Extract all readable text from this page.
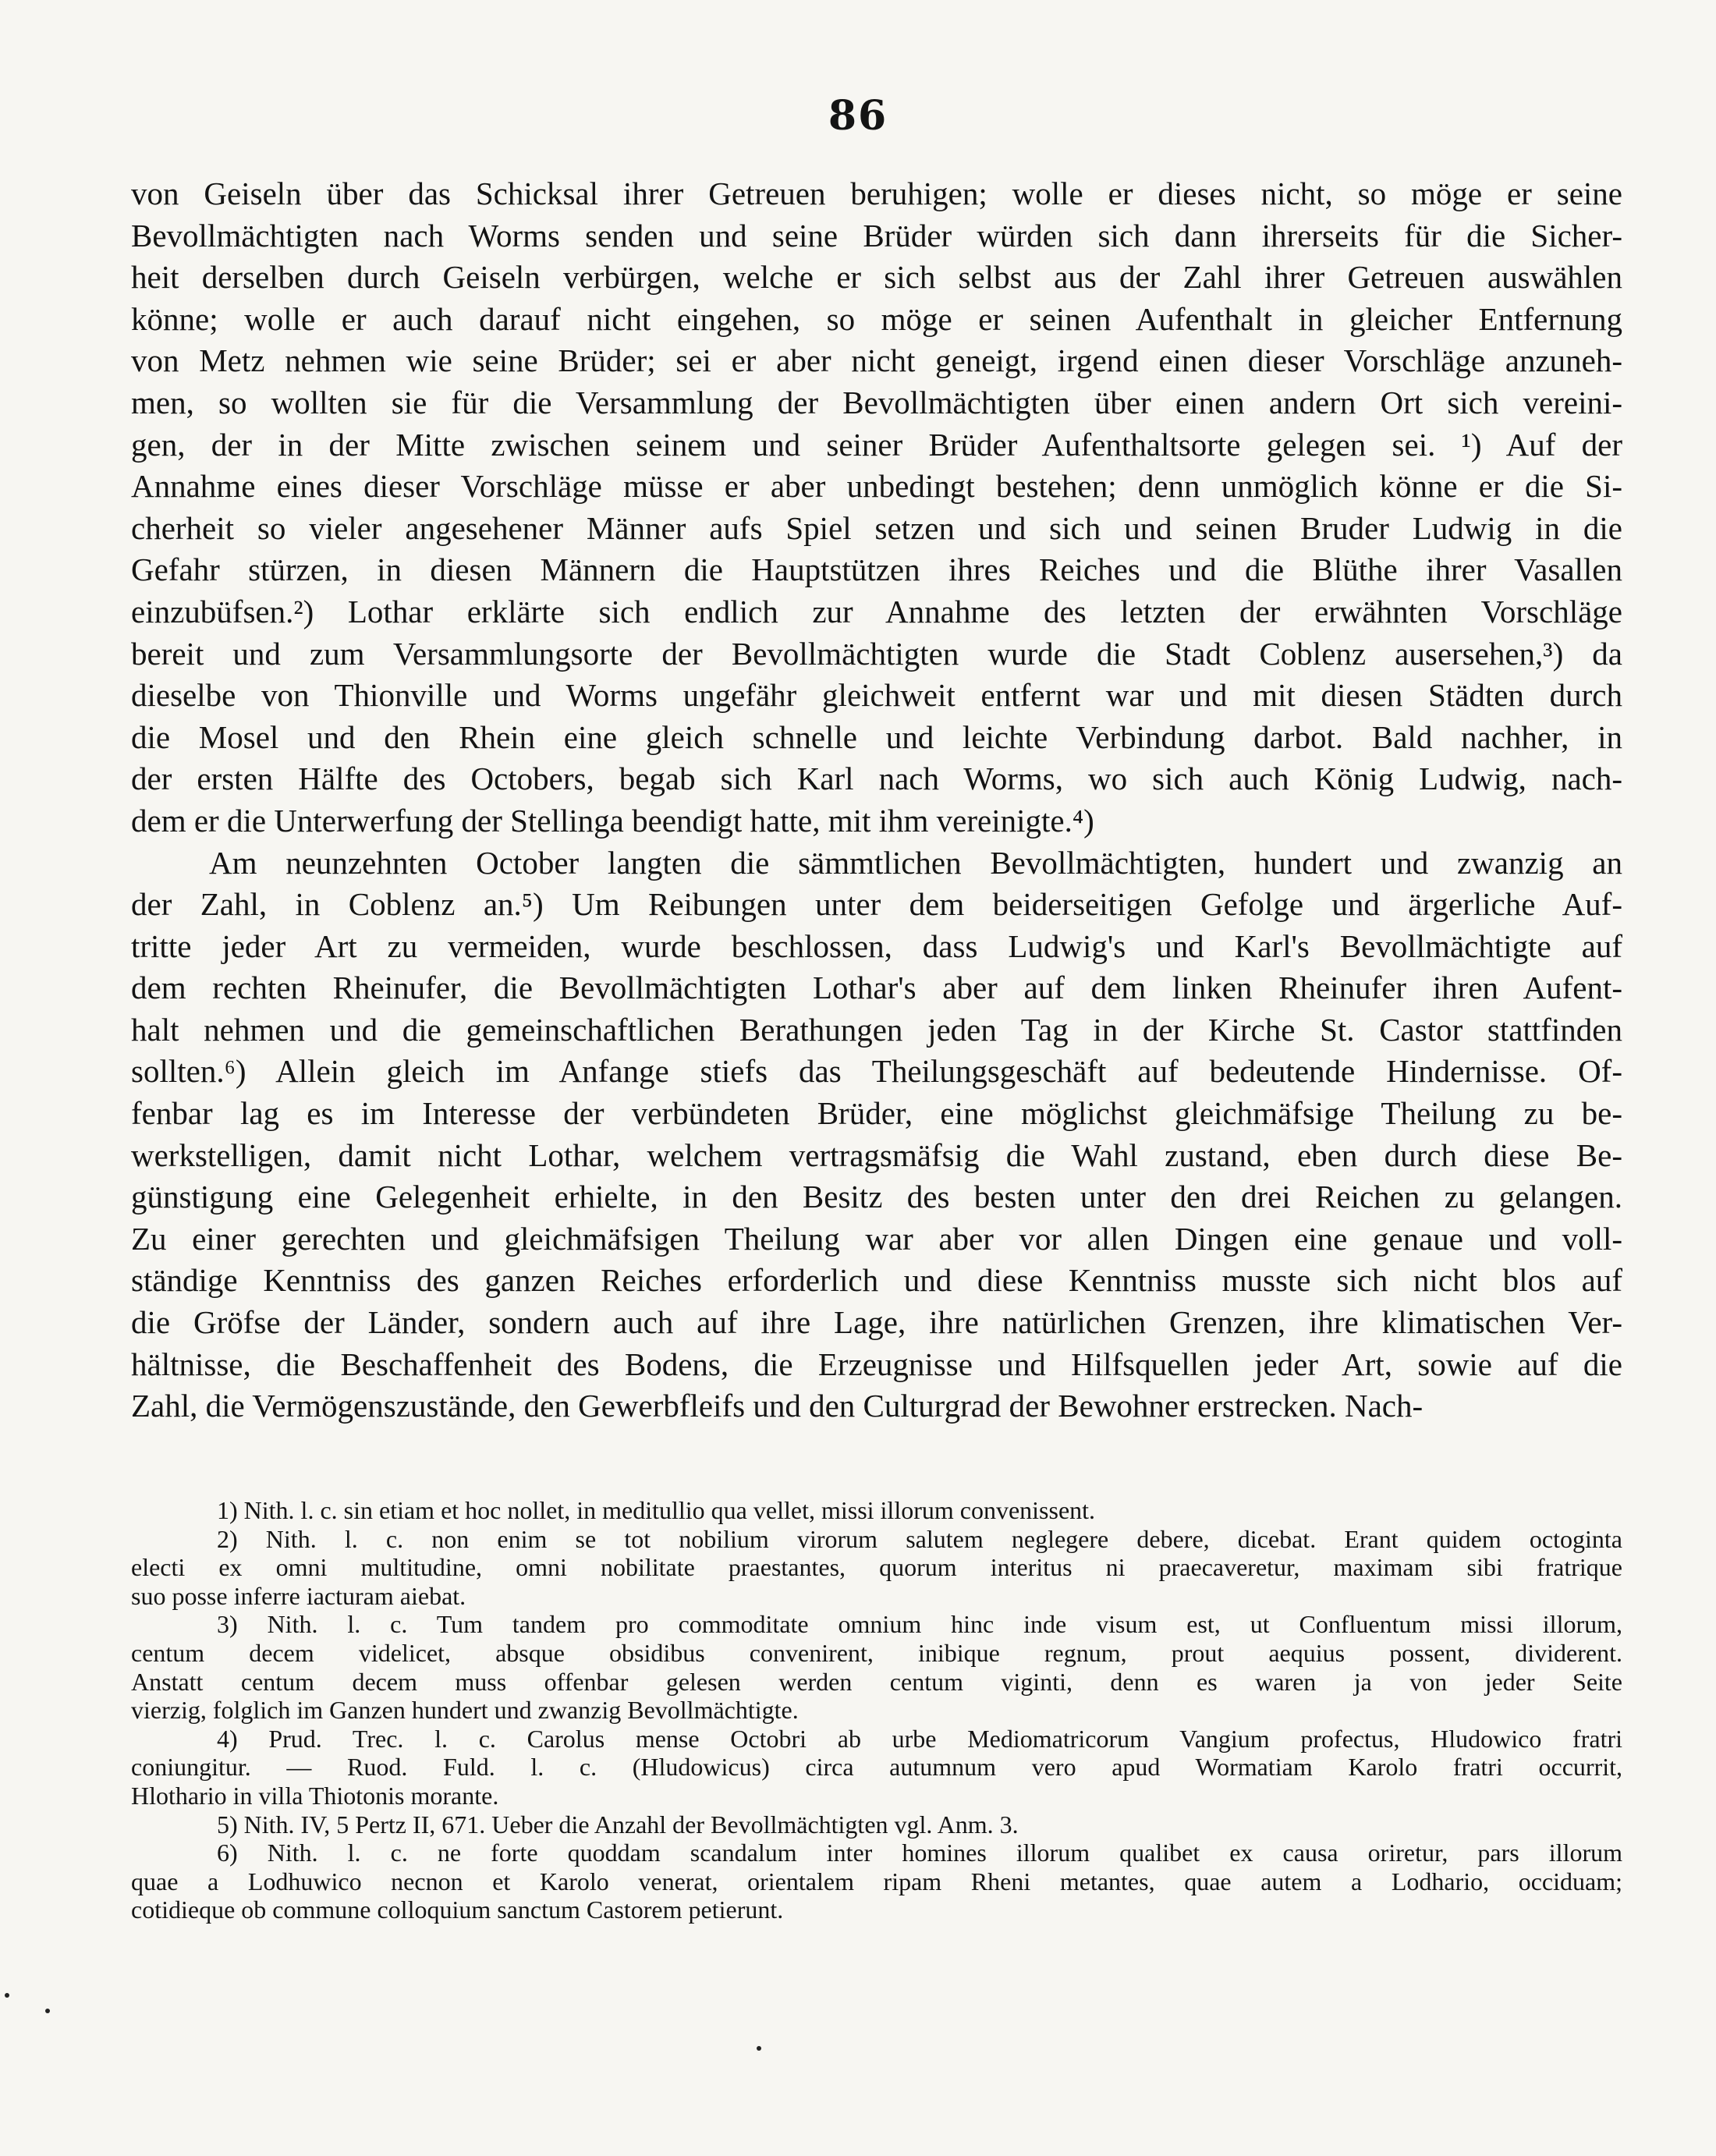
86
von Geiseln über das Schicksal ihrer Getreuen beruhigen; wolle er dieses nicht, so möge er seine
Bevollmächtigten nach Worms senden und seine Brüder würden sich dann ihrerseits für die Sicher-
heit derselben durch Geiseln verbürgen, welche er sich selbst aus der Zahl ihrer Getreuen auswählen
könne; wolle er auch darauf nicht eingehen, so möge er seinen Aufenthalt in gleicher Entfernung
von Metz nehmen wie seine Brüder; sei er aber nicht geneigt, irgend einen dieser Vorschläge anzuneh-
men, so wollten sie für die Versammlung der Bevollmächtigten über einen andern Ort sich vereini-
gen, der in der Mitte zwischen seinem und seiner Brüder Aufenthaltsorte gelegen sei. ¹) Auf der
Annahme eines dieser Vorschläge müsse er aber unbedingt bestehen; denn unmöglich könne er die Si-
cherheit so vieler angesehener Männer aufs Spiel setzen und sich und seinen Bruder Ludwig in die
Gefahr stürzen, in diesen Männern die Hauptstützen ihres Reiches und die Blüthe ihrer Vasallen
einzubüfsen.²) Lothar erklärte sich endlich zur Annahme des letzten der erwähnten Vorschläge
bereit und zum Versammlungsorte der Bevollmächtigten wurde die Stadt Coblenz ausersehen,³) da
dieselbe von Thionville und Worms ungefähr gleichweit entfernt war und mit diesen Städten durch
die Mosel und den Rhein eine gleich schnelle und leichte Verbindung darbot. Bald nachher, in
der ersten Hälfte des Octobers, begab sich Karl nach Worms, wo sich auch König Ludwig, nach-
dem er die Unterwerfung der Stellinga beendigt hatte, mit ihm vereinigte.⁴)
Am neunzehnten October langten die sämmtlichen Bevollmächtigten, hundert und zwanzig an
der Zahl, in Coblenz an.⁵) Um Reibungen unter dem beiderseitigen Gefolge und ärgerliche Auf-
tritte jeder Art zu vermeiden, wurde beschlossen, dass Ludwig's und Karl's Bevollmächtigte auf
dem rechten Rheinufer, die Bevollmächtigten Lothar's aber auf dem linken Rheinufer ihren Aufent-
halt nehmen und die gemeinschaftlichen Berathungen jeden Tag in der Kirche St. Castor stattfinden
sollten.⁶) Allein gleich im Anfange stiefs das Theilungsgeschäft auf bedeutende Hindernisse. Of-
fenbar lag es im Interesse der verbündeten Brüder, eine möglichst gleichmäfsige Theilung zu be-
werkstelligen, damit nicht Lothar, welchem vertragsmäfsig die Wahl zustand, eben durch diese Be-
günstigung eine Gelegenheit erhielte, in den Besitz des besten unter den drei Reichen zu gelangen.
Zu einer gerechten und gleichmäfsigen Theilung war aber vor allen Dingen eine genaue und voll-
ständige Kenntniss des ganzen Reiches erforderlich und diese Kenntniss musste sich nicht blos auf
die Gröfse der Länder, sondern auch auf ihre Lage, ihre natürlichen Grenzen, ihre klimatischen Ver-
hältnisse, die Beschaffenheit des Bodens, die Erzeugnisse und Hilfsquellen jeder Art, sowie auf die
Zahl, die Vermögenszustände, den Gewerbfleifs und den Culturgrad der Bewohner erstrecken. Nach-
1) Nith. l. c. sin etiam et hoc nollet, in meditullio qua vellet, missi illorum convenissent.
2) Nith. l. c. non enim se tot nobilium virorum salutem neglegere debere, dicebat. Erant quidem octoginta
electi ex omni multitudine, omni nobilitate praestantes, quorum interitus ni praecaveretur, maximam sibi fratrique
suo posse inferre iacturam aiebat.
3) Nith. l. c. Tum tandem pro commoditate omnium hinc inde visum est, ut Confluentum missi illorum,
centum decem videlicet, absque obsidibus convenirent, inibique regnum, prout aequius possent, dividerent.
Anstatt centum decem muss offenbar gelesen werden centum viginti, denn es waren ja von jeder Seite
vierzig, folglich im Ganzen hundert und zwanzig Bevollmächtigte.
4) Prud. Trec. l. c. Carolus mense Octobri ab urbe Mediomatricorum Vangium profectus, Hludowico fratri
coniungitur. — Ruod. Fuld. l. c. (Hludowicus) circa autumnum vero apud Wormatiam Karolo fratri occurrit,
Hlothario in villa Thiotonis morante.
5) Nith. IV, 5 Pertz II, 671. Ueber die Anzahl der Bevollmächtigten vgl. Anm. 3.
6) Nith. l. c. ne forte quoddam scandalum inter homines illorum qualibet ex causa oriretur, pars illorum
quae a Lodhuwico necnon et Karolo venerat, orientalem ripam Rheni metantes, quae autem a Lodhario, occiduam;
cotidieque ob commune colloquium sanctum Castorem petierunt.
